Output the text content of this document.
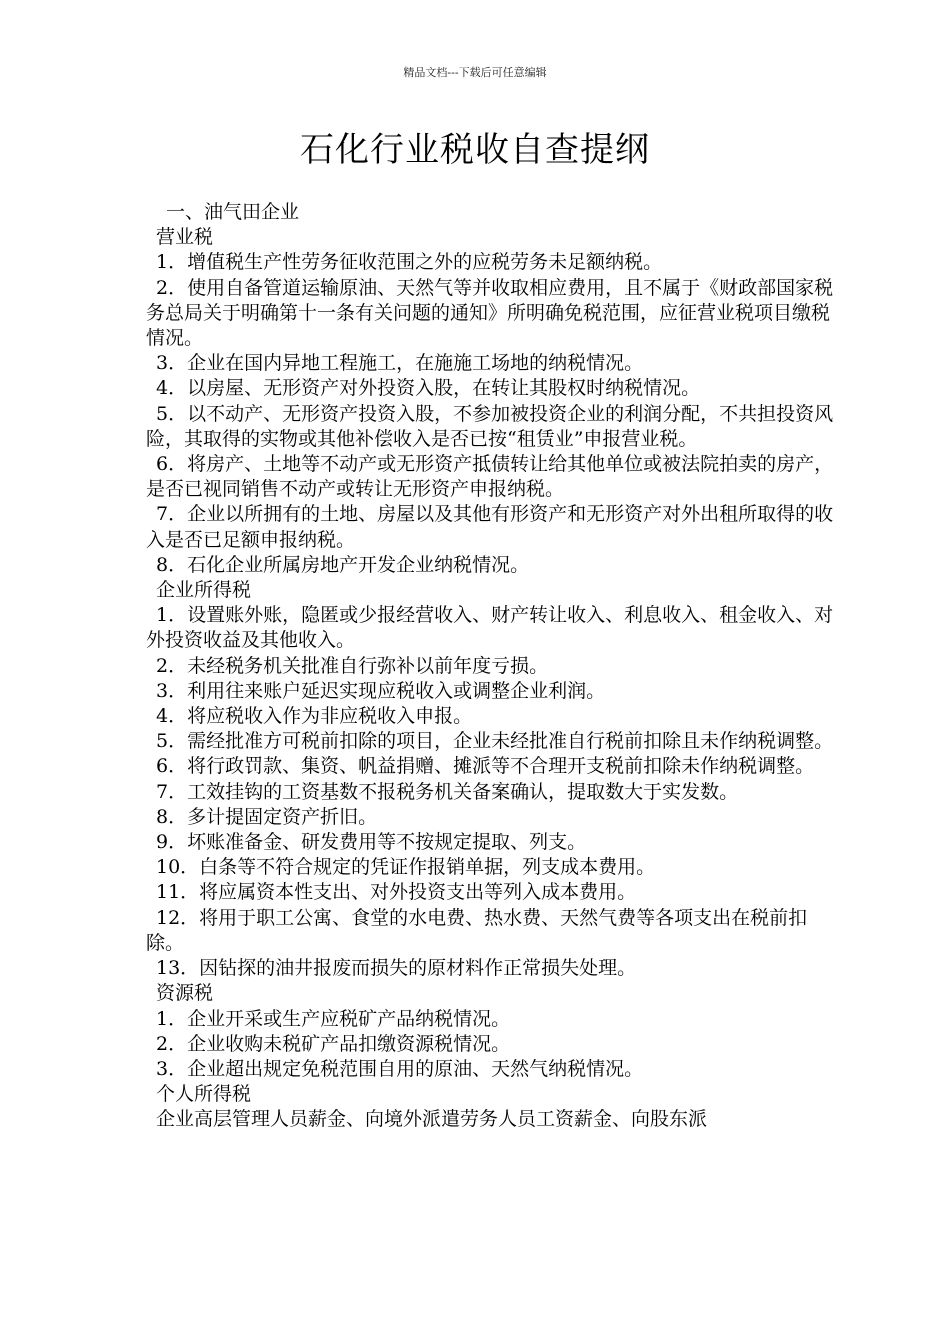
精品文档---下载后可任意编辑
石化行业税收自查提纲

一、油气田企业

营业税

1．增值税生产性劳务征收范围之外的应税劳务未足额纳税。

2．使用自备管道运输原油、天然气等并收取相应费用，且不属于《财政部国家税务总局关于明确第十一条有关问题的通知》所明确免税范围，应征营业税项目缴税情况。

3．企业在国内异地工程施工，在施施工场地的纳税情况。

4．以房屋、无形资产对外投资入股，在转让其股权时纳税情况。

5．以不动产、无形资产投资入股，不参加被投资企业的利润分配，不共担投资风险，其取得的实物或其他补偿收入是否已按“租赁业”申报营业税。

6．将房产、土地等不动产或无形资产抵债转让给其他单位或被法院拍卖的房产，是否已视同销售不动产或转让无形资产申报纳税。

7．企业以所拥有的土地、房屋以及其他有形资产和无形资产对外出租所取得的收入是否已足额申报纳税。

8．石化企业所属房地产开发企业纳税情况。

企业所得税

1．设置账外账，隐匿或少报经营收入、财产转让收入、利息收入、租金收入、对外投资收益及其他收入。

2．未经税务机关批准自行弥补以前年度亏损。

3．利用往来账户延迟实现应税收入或调整企业利润。

4．将应税收入作为非应税收入申报。

5．需经批准方可税前扣除的项目，企业未经批准自行税前扣除且未作纳税调整。

6．将行政罚款、集资、帆益捐赠、摊派等不合理开支税前扣除未作纳税调整。

7．工效挂钩的工资基数不报税务机关备案确认，提取数大于实发数。

8．多计提固定资产折旧。

9．坏账准备金、研发费用等不按规定提取、列支。

10．白条等不符合规定的凭证作报销单据，列支成本费用。

11．将应属资本性支出、对外投资支出等列入成本费用。

12．将用于职工公寓、食堂的水电费、热水费、天然气费等各项支出在税前扣除。

13．因钻探的油井报废而损失的原材料作正常损失处理。

资源税

1．企业开采或生产应税矿产品纳税情况。

2．企业收购未税矿产品扣缴资源税情况。

3．企业超出规定免税范围自用的原油、天然气纳税情况。

个人所得税

企业高层管理人员薪金、向境外派遣劳务人员工资薪金、向股东派
